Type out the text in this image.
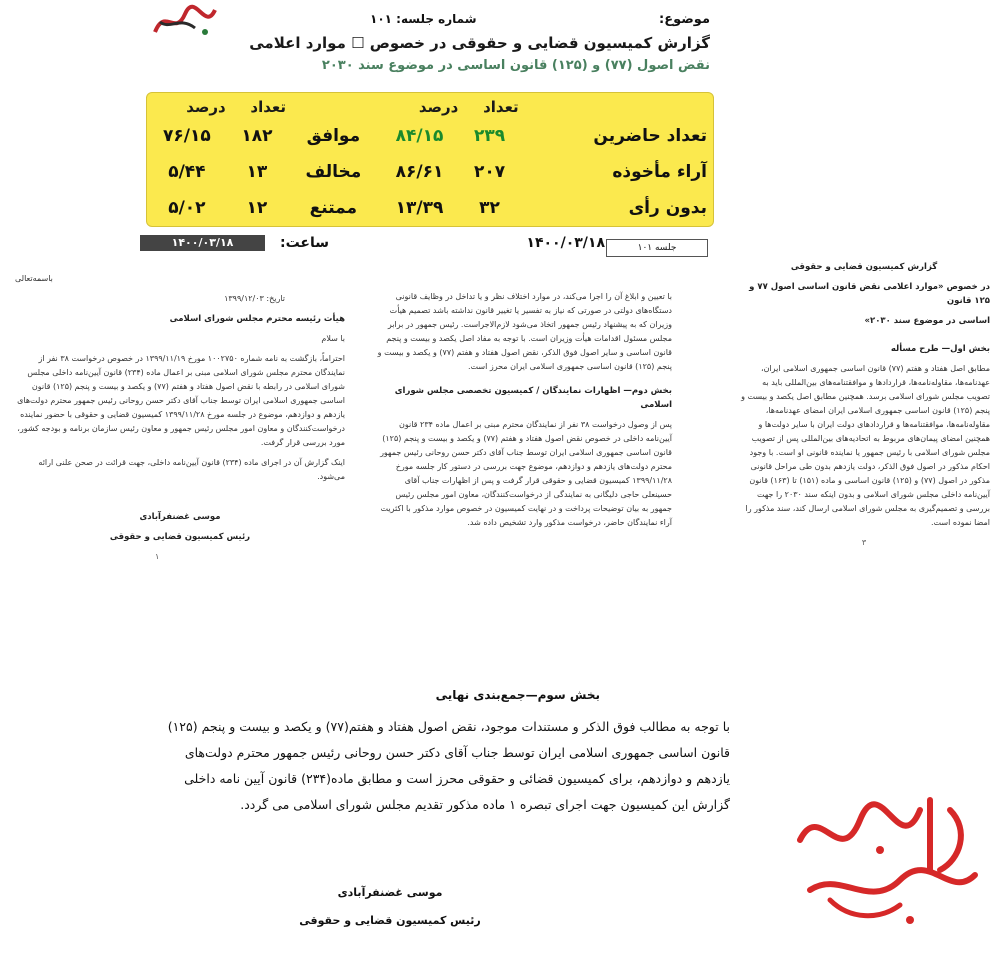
موضوع:
شماره جلسه: ۱۰۱
گزارش کمیسیون قضایی و حقوقی در خصوص ☐ موارد اعلامی
نقض اصول (۷۷) و (۱۲۵) قانون اساسی در موضوع سند ۲۰۳۰
	تعداد	درصد		تعداد	درصد
تعداد حاضرین	۲۳۹	۸۴/۱۵	موافق	۱۸۲	۷۶/۱۵
آراء مأخوذه	۲۰۷	۸۶/۶۱	مخالف	۱۳	۵/۴۴
بدون رأی	۳۲	۱۳/۳۹	ممتنع	۱۲	۵/۰۲
۱۴۰۰/۰۳/۱۸	ساعت:	۱۴۰۰/۰۳/۱۸	جلسه ۱۰۱

باسمه‌تعالی

تاریخ: ۱۳۹۹/۱۲/۰۳

هیأت رئیسه محترم مجلس شورای اسلامی

با سلام

احتراماً، بازگشت به نامه شماره ۱۰۰۲۷۵۰ مورخ ۱۳۹۹/۱۱/۱۹ در خصوص درخواست ۳۸ نفر از نمایندگان محترم مجلس شورای اسلامی مبنی بر اعمال ماده (۲۳۴) قانون آیین‌نامه داخلی مجلس شورای اسلامی در رابطه با نقض اصول هفتاد و هفتم (۷۷) و یکصد و بیست و پنجم (۱۲۵) قانون اساسی جمهوری اسلامی ایران توسط جناب آقای دکتر حسن روحانی رئیس جمهور محترم دولت‌های یازدهم و دوازدهم، موضوع در جلسه مورخ ۱۳۹۹/۱۱/۲۸ کمیسیون قضایی و حقوقی با حضور نماینده درخواست‌کنندگان و معاون امور مجلس رئیس جمهور و معاون رئیس سازمان برنامه و بودجه کشور، مورد بررسی قرار گرفت.

اینک گزارش آن در اجرای ماده (۲۳۴) قانون آیین‌نامه داخلی، جهت قرائت در صحن علنی ارائه می‌شود.

موسی غضنفرآبادی

رئیس کمیسیون قضایی و حقوقی

۱

با تعیین و ابلاغ آن را اجرا می‌کند، در موارد اختلاف نظر و یا تداخل در وظایف قانونی دستگاه‌های دولتی در صورتی که نیاز به تفسیر یا تغییر قانون نداشته باشد تصمیم هیأت وزیران که به پیشنهاد رئیس جمهور اتخاذ می‌شود لازم‌الاجراست. رئیس جمهور در برابر مجلس مسئول اقدامات هیأت وزیران است. با توجه به مفاد اصل یکصد و بیست و پنجم قانون اساسی و سایر اصول فوق الذکر، نقض اصول هفتاد و هفتم (۷۷) و یکصد و بیست و پنجم (۱۲۵) قانون اساسی جمهوری اسلامی ایران محرز است.

بخش دوم— اظهارات نمایندگان / کمیسیون تخصصی مجلس شورای اسلامی

پس از وصول درخواست ۳۸ نفر از نمایندگان محترم مبنی بر اعمال ماده ۲۳۴ قانون آیین‌نامه داخلی در خصوص نقض اصول هفتاد و هفتم (۷۷) و یکصد و بیست و پنجم (۱۲۵) قانون اساسی جمهوری اسلامی ایران توسط جناب آقای دکتر حسن روحانی رئیس جمهور محترم دولت‌های یازدهم و دوازدهم، موضوع جهت بررسی در دستور کار جلسه مورخ ۱۳۹۹/۱۱/۲۸ کمیسیون قضایی و حقوقی قرار گرفت و پس از اظهارات جناب آقای حسینعلی حاجی دلیگانی به نمایندگی از درخواست‌کنندگان، معاون امور مجلس رئیس جمهور به بیان توضیحات پرداخت و در نهایت کمیسیون در خصوص موارد مذکور با اکثریت آراء نمایندگان حاضر، درخواست مذکور وارد تشخیص داده شد.

گزارش کمیسیون قضایی و حقوقی

در خصوص «موارد اعلامی نقض قانون اساسی اصول ۷۷ و ۱۲۵ قانون

اساسی در موضوع سند ۲۰۳۰»

بخش اول— طرح مسأله

مطابق اصل هفتاد و هفتم (۷۷) قانون اساسی جمهوری اسلامی ایران، عهدنامه‌ها، مقاوله‌نامه‌ها، قراردادها و موافقتنامه‌های بین‌المللی باید به تصویب مجلس شورای اسلامی برسد. همچنین مطابق اصل یکصد و بیست و پنجم (۱۲۵) قانون اساسی جمهوری اسلامی ایران امضای عهدنامه‌ها، مقاوله‌نامه‌ها، موافقتنامه‌ها و قراردادهای دولت ایران با سایر دولت‌ها و همچنین امضای پیمان‌های مربوط به اتحادیه‌های بین‌المللی پس از تصویب مجلس شورای اسلامی با رئیس جمهور یا نماینده قانونی او است. با وجود احکام مذکور در اصول فوق الذکر، دولت یازدهم بدون طی مراحل قانونی مذکور در اصول (۷۷) و (۱۲۵) قانون اساسی و ماده (۱۵۱) تا (۱۶۳) قانون آیین‌نامه داخلی مجلس شورای اسلامی و بدون اینکه سند ۲۰۳۰ را جهت بررسی و تصمیم‌گیری به مجلس شورای اسلامی ارسال کند، سند مذکور را امضا نموده است.

۳

بخش سوم—جمع‌بندی نهایی
با توجه به مطالب فوق الذکر و مستندات موجود، نقض اصول هفتاد و هفتم(۷۷) و یکصد و بیست و پنجم (۱۲۵) قانون اساسی جمهوری اسلامی ایران توسط جناب آقای دکتر حسن روحانی رئیس جمهور محترم دولت‌های یازدهم و دوازدهم، برای کمیسیون قضائی و حقوقی محرز است و مطابق ماده(۲۳۴) قانون آیین نامه داخلی گزارش این کمیسیون جهت اجرای تبصره ۱ ماده مذکور تقدیم مجلس شورای اسلامی می گردد.
موسی غضنفرآبادی
رئیس کمیسیون قضایی و حقوقی
